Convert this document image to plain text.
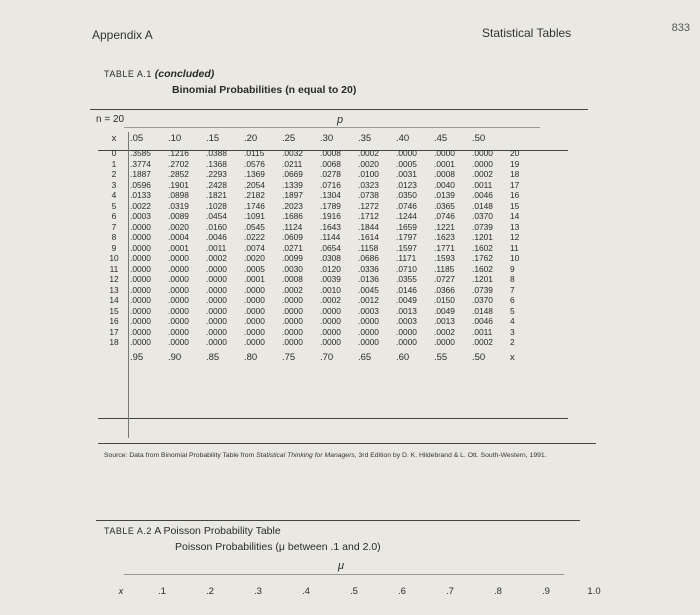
833
Appendix A	Statistical Tables
TABLE A.1 (concluded)
Binomial Probabilities (n equal to 20)
n = 20	p
x	.05	.10	.15	.20	.25	.30	.35	.40	.45	.50	
0	.3585	.1216	.0388	.0115	.0032	.0008	.0002	.0000	.0000	.0000	20
1	.3774	.2702	.1368	.0576	.0211	.0068	.0020	.0005	.0001	.0000	19
2	.1887	.2852	.2293	.1369	.0669	.0278	.0100	.0031	.0008	.0002	18
3	.0596	.1901	.2428	.2054	.1339	.0716	.0323	.0123	.0040	.0011	17
4	.0133	.0898	.1821	.2182	.1897	.1304	.0738	.0350	.0139	.0046	16
5	.0022	.0319	.1028	.1746	.2023	.1789	.1272	.0746	.0365	.0148	15
6	.0003	.0089	.0454	.1091	.1686	.1916	.1712	.1244	.0746	.0370	14
7	.0000	.0020	.0160	.0545	.1124	.1643	.1844	.1659	.1221	.0739	13
8	.0000	.0004	.0046	.0222	.0609	.1144	.1614	.1797	.1623	.1201	12
9	.0000	.0001	.0011	.0074	.0271	.0654	.1158	.1597	.1771	.1602	11
10	.0000	.0000	.0002	.0020	.0099	.0308	.0686	.1171	.1593	.1762	10
11	.0000	.0000	.0000	.0005	.0030	.0120	.0336	.0710	.1185	.1602	9
12	.0000	.0000	.0000	.0001	.0008	.0039	.0136	.0355	.0727	.1201	8
13	.0000	.0000	.0000	.0000	.0002	.0010	.0045	.0146	.0366	.0739	7
14	.0000	.0000	.0000	.0000	.0000	.0002	.0012	.0049	.0150	.0370	6
15	.0000	.0000	.0000	.0000	.0000	.0000	.0003	.0013	.0049	.0148	5
16	.0000	.0000	.0000	.0000	.0000	.0000	.0000	.0003	.0013	.0046	4
17	.0000	.0000	.0000	.0000	.0000	.0000	.0000	.0000	.0002	.0011	3
18	.0000	.0000	.0000	.0000	.0000	.0000	.0000	.0000	.0000	.0002	2
	.95	.90	.85	.80	.75	.70	.65	.60	.55	.50	x
Source: Data from Binomial Probability Table from Statistical Thinking for Managers, 3rd Edition by D. K. Hildebrand & L. Ott. South-Western, 1991.
TABLE A.2 A Poisson Probability Table
Poisson Probabilities (μ between .1 and 2.0)
μ
x	.1	.2	.3	.4	.5	.6	.7	.8	.9	1.0
